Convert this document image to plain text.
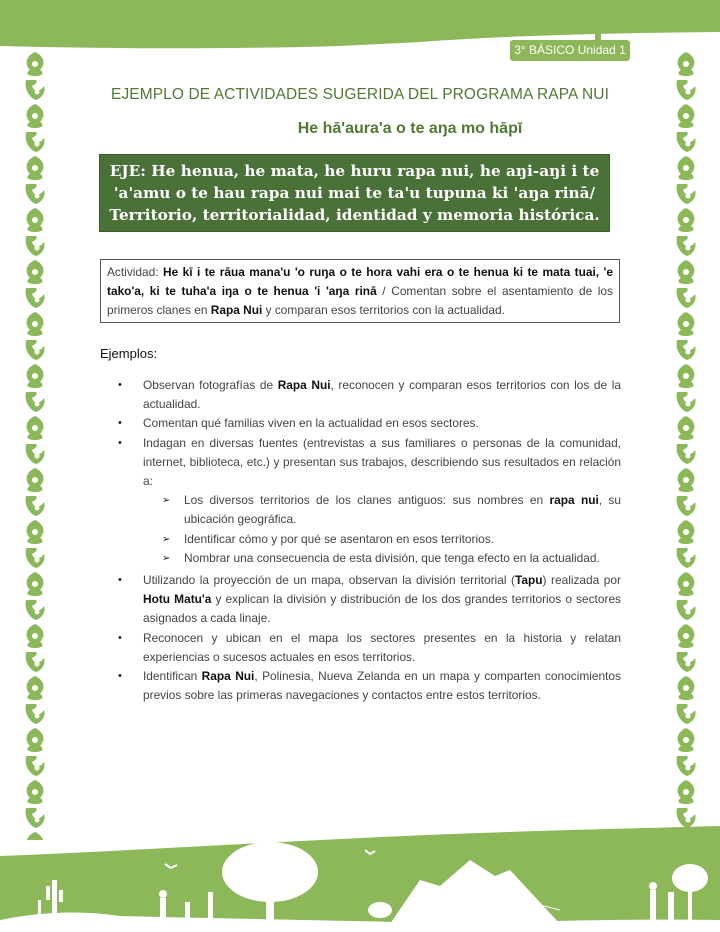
3° BÁSICO Unidad 1
EJEMPLO DE ACTIVIDADES SUGERIDA DEL PROGRAMA RAPA NUI
He hā'aura'a o te aŋa mo hāpī
EJE: He henua, he mata, he huru rapa nui, he aŋi-aŋi i te 'a'amu o te hau rapa nui mai te ta'u tupuna ki 'aŋa rinā/ Territorio, territorialidad, identidad y memoria histórica.
Actividad: He kī i te rāua mana'u 'o ruŋa o te hora vahi era o te henua ki te mata tuai, 'e tako'a, ki te tuha'a iŋa o te henua 'i 'aŋa rinā / Comentan sobre el asentamiento de los primeros clanes en Rapa Nui y comparan esos territorios con la actualidad.
Ejemplos:
• Observan fotografías de Rapa Nui, reconocen y comparan esos territorios con los de la actualidad.
• Comentan qué familias viven en la actualidad en esos sectores.
• Indagan en diversas fuentes (entrevistas a sus familiares o personas de la comunidad, internet, biblioteca, etc.) y presentan sus trabajos, describiendo sus resultados en relación a:
➢ Los diversos territorios de los clanes antiguos: sus nombres en rapa nui, su ubicación geográfica.
➢ Identificar cómo y por qué se asentaron en esos territorios.
➢ Nombrar una consecuencia de esta división, que tenga efecto en la actualidad.
• Utilizando la proyección de un mapa, observan la división territorial (Tapu) realizada por Hotu Matu'a y explican la división y distribución de los dos grandes territorios o sectores asignados a cada linaje.
• Reconocen y ubican en el mapa los sectores presentes en la historia y relatan experiencias o sucesos actuales en esos territorios.
• Identifican Rapa Nui, Polinesia, Nueva Zelanda en un mapa y comparten conocimientos previos sobre las primeras navegaciones y contactos entre estos territorios.
